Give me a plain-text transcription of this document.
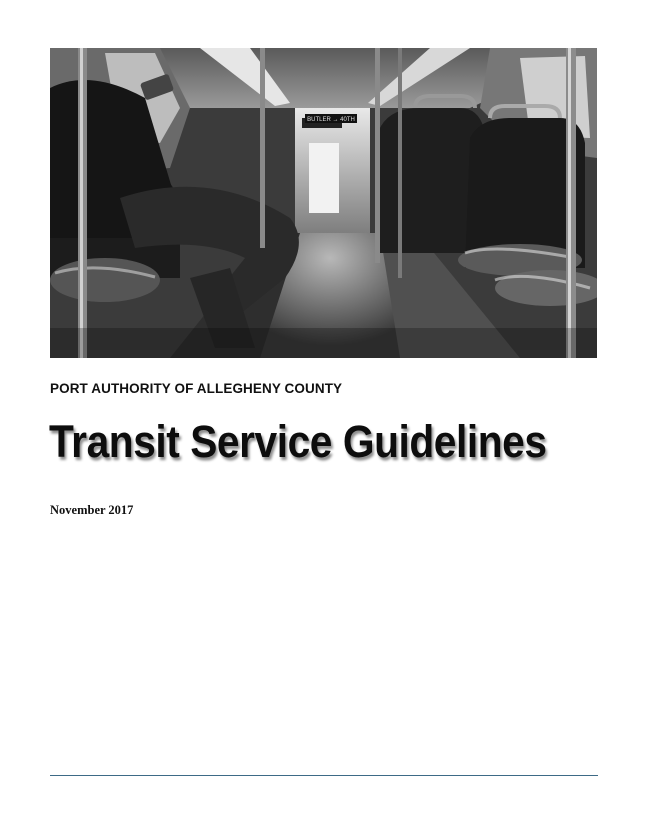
BUTLER → 40TH
PORT AUTHORITY OF ALLEGHENY COUNTY
Transit Service Guidelines
November 2017
